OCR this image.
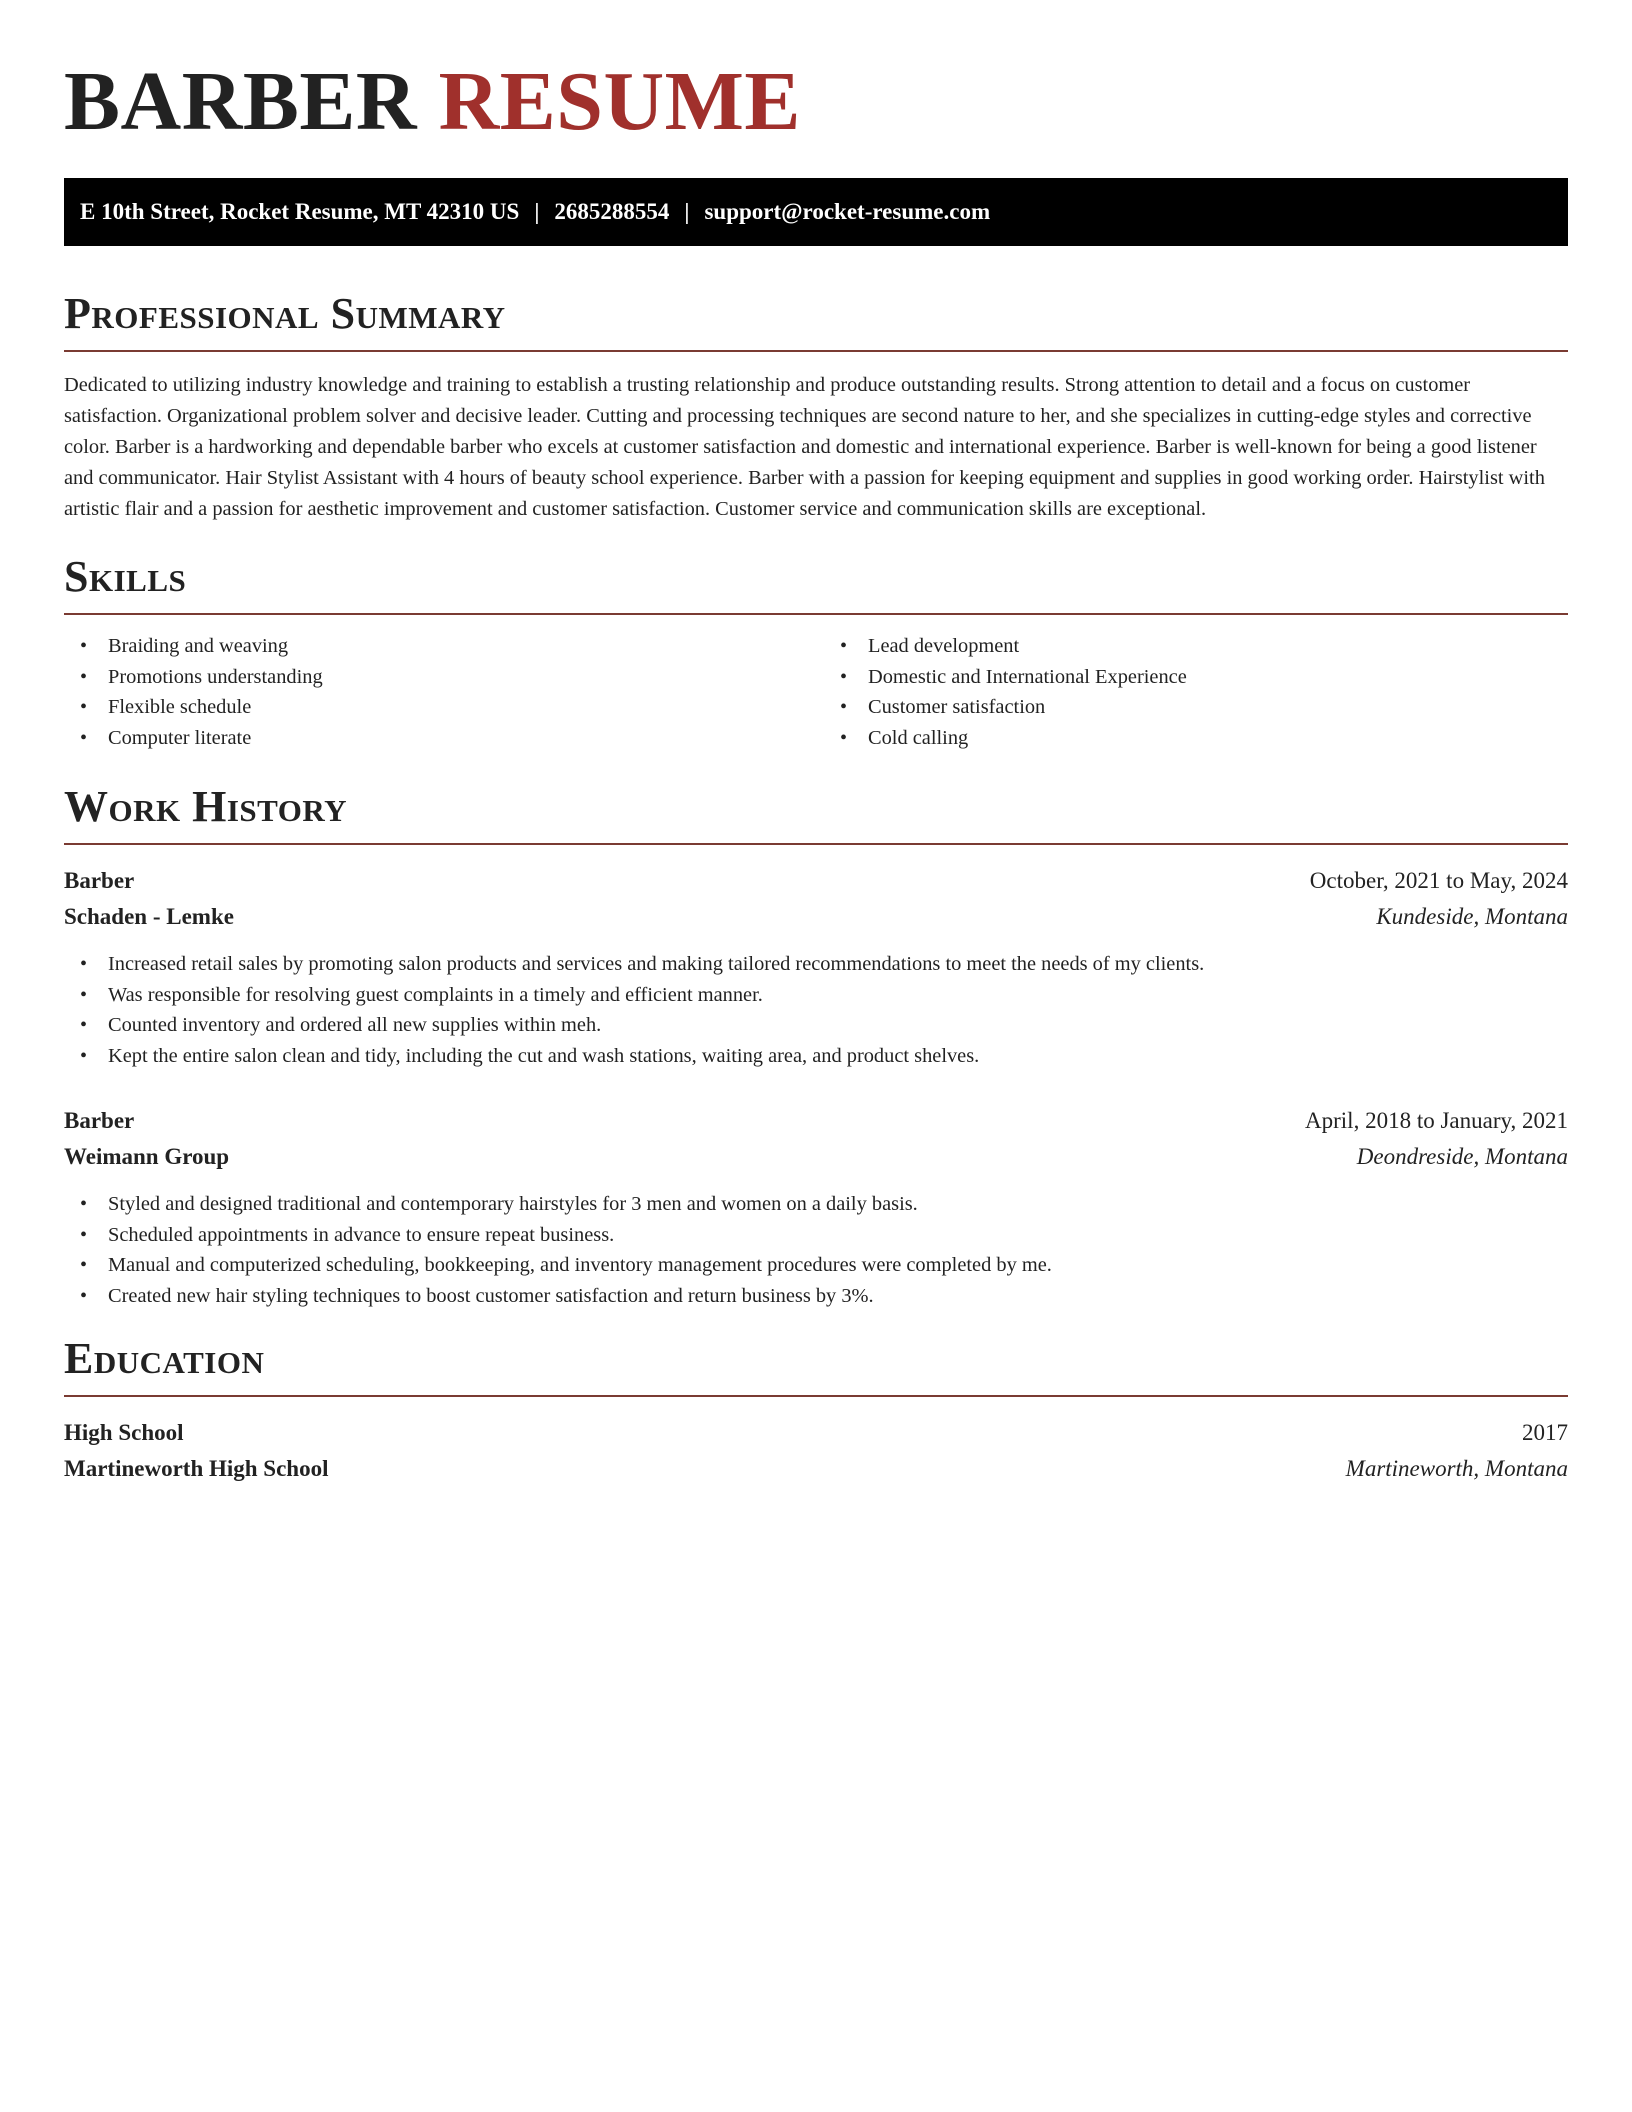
BARBER RESUME
E 10th Street, Rocket Resume, MT 42310 US | 2685288554 | support@rocket-resume.com
Professional Summary

Dedicated to utilizing industry knowledge and training to establish a trusting relationship and produce outstanding results. Strong attention to detail and a focus on customer satisfaction. Organizational problem solver and decisive leader. Cutting and processing techniques are second nature to her, and she specializes in cutting-edge styles and corrective color. Barber is a hardworking and dependable barber who excels at customer satisfaction and domestic and international experience. Barber is well-known for being a good listener and communicator. Hair Stylist Assistant with 4 hours of beauty school experience. Barber with a passion for keeping equipment and supplies in good working order. Hairstylist with artistic flair and a passion for aesthetic improvement and customer satisfaction. Customer service and communication skills are exceptional.

Skills
• Braiding and weaving
• Promotions understanding
• Flexible schedule
• Computer literate
• Lead development
• Domestic and International Experience
• Customer satisfaction
• Cold calling
Work History
Barber	October, 2021 to May, 2024
Schaden - Lemke	Kundeside, Montana
• Increased retail sales by promoting salon products and services and making tailored recommendations to meet the needs of my clients.
• Was responsible for resolving guest complaints in a timely and efficient manner.
• Counted inventory and ordered all new supplies within meh.
• Kept the entire salon clean and tidy, including the cut and wash stations, waiting area, and product shelves.
Barber	April, 2018 to January, 2021
Weimann Group	Deondreside, Montana
• Styled and designed traditional and contemporary hairstyles for 3 men and women on a daily basis.
• Scheduled appointments in advance to ensure repeat business.
• Manual and computerized scheduling, bookkeeping, and inventory management procedures were completed by me.
• Created new hair styling techniques to boost customer satisfaction and return business by 3%.
Education
High School	2017
Martineworth High School	Martineworth, Montana
